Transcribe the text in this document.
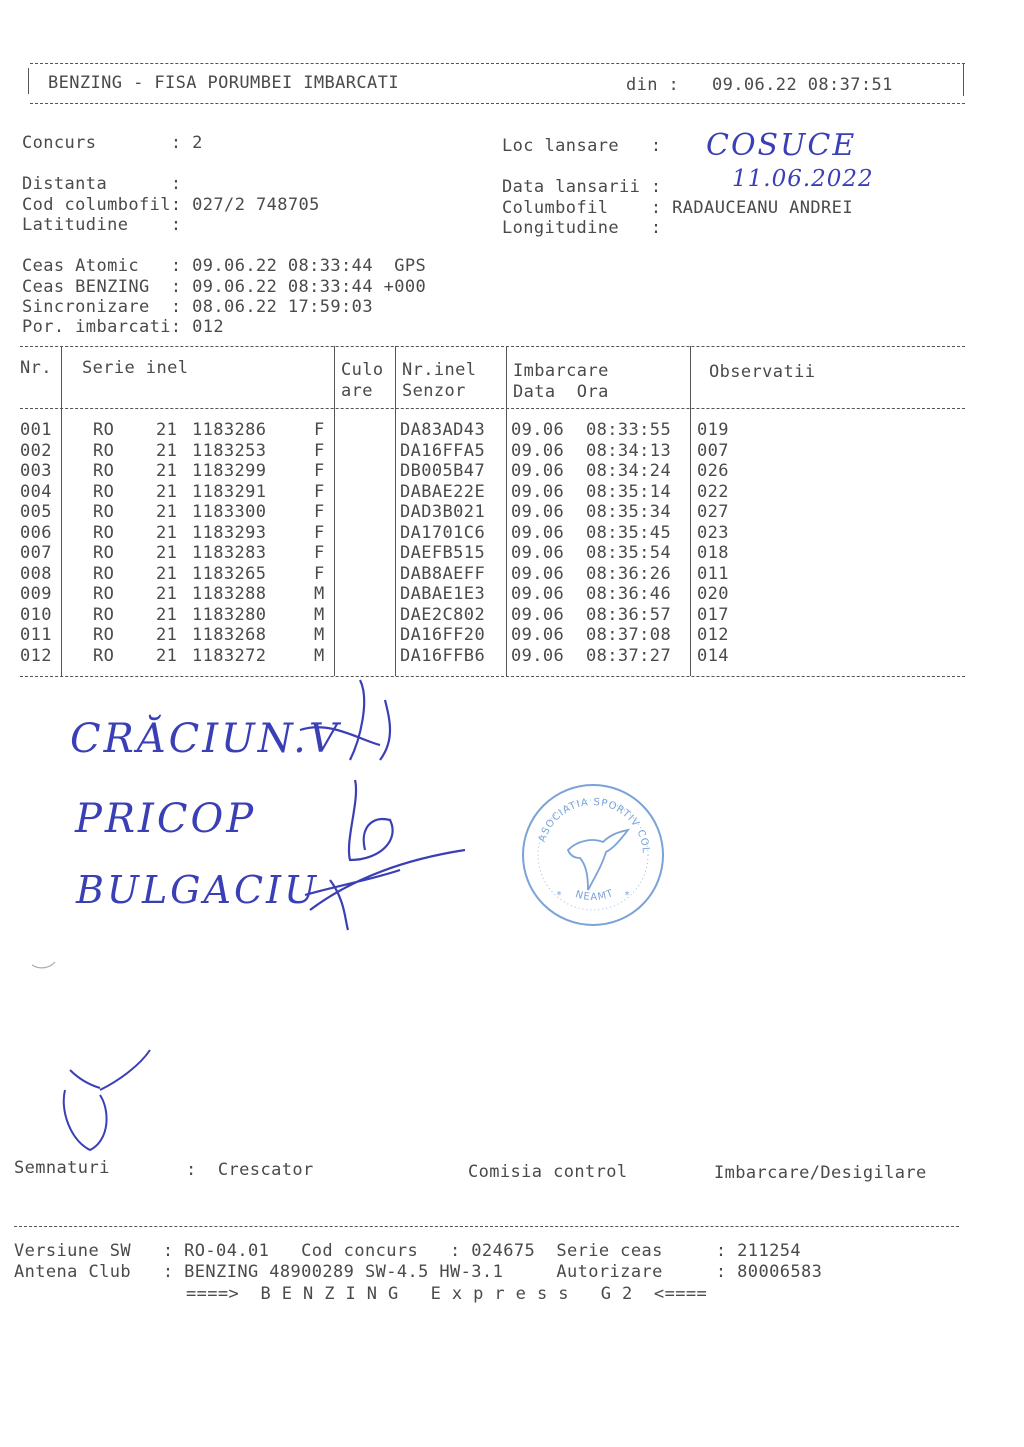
BENZING - FISA PORUMBEI IMBARCATI	din : 09.06.22 08:37:51
Concurs       : 2
Distanta      :
Cod columbofil: 027/2 748705
Latitudine    :
Loc lansare   : COSUCE
Data lansarii :	11.06.2022
Columbofil    : RADAUCEANU ANDREI
Longitudine   :
Ceas Atomic   : 09.06.22 08:33:44  GPS
Ceas BENZING  : 09.06.22 08:33:44 +000
Sincronizare  : 08.06.22 17:59:03
Por. imbarcati: 012
Nr. Serie inel	Culo
are
Nr.inel
Senzor
Imbarcare
Data  Ora
Observatii
001 RO 21 1183286	F	DA83AD43 09.06 08:33:55 019
002 RO 21 1183253	F	DA16FFA5 09.06 08:34:13 007
003 RO 21 1183299	F	DB005B47 09.06 08:34:24 026
004 RO 21 1183291	F	DABAE22E 09.06 08:35:14 022
005 RO 21 1183300	F	DAD3B021 09.06 08:35:34 027
006 RO 21 1183293	F	DA1701C6 09.06 08:35:45 023
007 RO 21 1183283	F	DAEFB515 09.06 08:35:54 018
008 RO 21 1183265	F	DAB8AEFF 09.06 08:36:26 011
009 RO 21 1183288	M	DABAE1E3 09.06 08:36:46 020
010 RO 21 1183280	M	DAE2C802 09.06 08:36:57 017
011 RO 21 1183268	M	DA16FF20 09.06 08:37:08 012
012 RO 21 1183272	M	DA16FFB6 09.06 08:37:27 014
CRĂCIUN.V
PRICOP
BULGACIU
ASOCIATIA SPORTIV COLUMBOFILA
NEAMT
*	*
Semnaturi	:  Crescator	Comisia control	Imbarcare/Desigilare
Versiune SW   : RO-04.01   Cod concurs   : 024675  Serie ceas     : 211254
Antena Club   : BENZING 48900289 SW-4.5 HW-3.1     Autorizare     : 80006583
====>  B E N Z I N G   E x p r e s s   G 2  <====
